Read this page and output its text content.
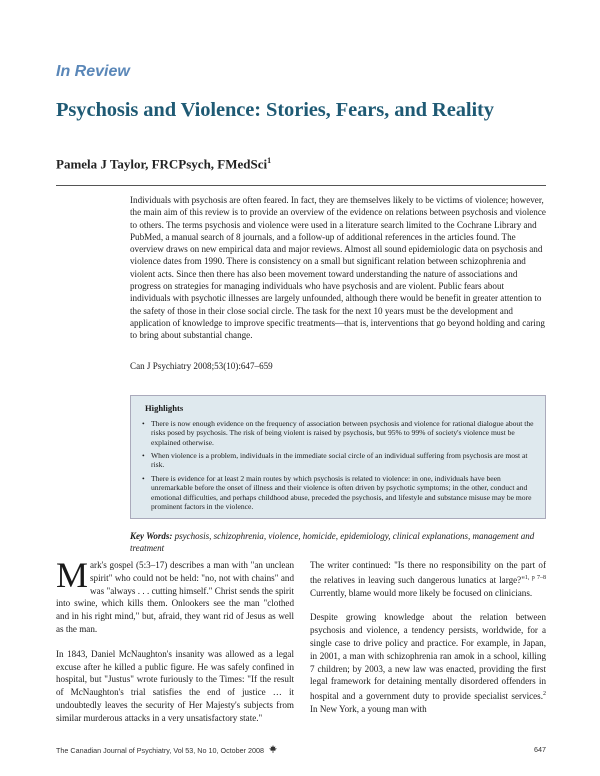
In Review
Psychosis and Violence: Stories, Fears, and Reality
Pamela J Taylor, FRCPsych, FMedSci$^1$

Individuals with psychosis are often feared. In fact, they are themselves likely to be victims of violence; however, the main aim of this review is to provide an overview of the evidence on relations between psychosis and violence to others. The terms psychosis and violence were used in a literature search limited to the Cochrane Library and PubMed, a manual search of 8 journals, and a follow-up of additional references in the articles found. The overview draws on new empirical data and major reviews. Almost all sound epidemiologic data on psychosis and violence dates from 1990. There is consistency on a small but significant relation between schizophrenia and violent acts. Since then there has also been movement toward understanding the nature of associations and progress on strategies for managing individuals who have psychosis and are violent. Public fears about individuals with psychotic illnesses are largely unfounded, although there would be benefit in greater attention to the safety of those in their close social circle. The task for the next 10 years must be the development and application of knowledge to improve specific treatments—that is, interventions that go beyond holding and caring to bring about substantial change.

Can J Psychiatry 2008;53(10):647–659
Highlights
• There is now enough evidence on the frequency of association between psychosis and violence for rational dialogue about the risks posed by psychosis. The risk of being violent is raised by psychosis, but 95% to 99% of society's violence must be explained otherwise.
• When violence is a problem, individuals in the immediate social circle of an individual suffering from psychosis are most at risk.
• There is evidence for at least 2 main routes by which psychosis is related to violence: in one, individuals have been unremarkable before the onset of illness and their violence is often driven by psychotic symptoms; in the other, conduct and emotional difficulties, and perhaps childhood abuse, preceded the psychosis, and lifestyle and substance misuse may be more prominent factors in the violence.
Key Words: psychosis, schizophrenia, violence, homicide, epidemiology, clinical explanations, management and treatment

Mark's gospel (5:3–17) describes a man with "an unclean spirit" who could not be held: "no, not with chains" and was "always . . . cutting himself." Christ sends the spirit into swine, which kills them. Onlookers see the man "clothed and in his right mind," but, afraid, they want rid of Jesus as well as the man.

In 1843, Daniel McNaughton's insanity was allowed as a legal excuse after he killed a public figure. He was safely confined in hospital, but "Justus" wrote furiously to the Times: "If the result of McNaughton's trial satisfies the end of justice … it undoubtedly leaves the security of Her Majesty's subjects from similar murderous attacks in a very unsatisfactory state."

The writer continued: "Is there no responsibility on the part of the relatives in leaving such dangerous lunatics at large?"$^{1, p 7-8}$ Currently, blame would more likely be focused on clinicians.

Despite growing knowledge about the relation between psychosis and violence, a tendency persists, worldwide, for a single case to drive policy and practice. For example, in Japan, in 2001, a man with schizophrenia ran amok in a school, killing 7 children; by 2003, a new law was enacted, providing the first legal framework for detaining mentally disordered offenders in hospital and a government duty to provide specialist services.$^2$ In New York, a young man with

The Canadian Journal of Psychiatry, Vol 53, No 10, October 2008	647
